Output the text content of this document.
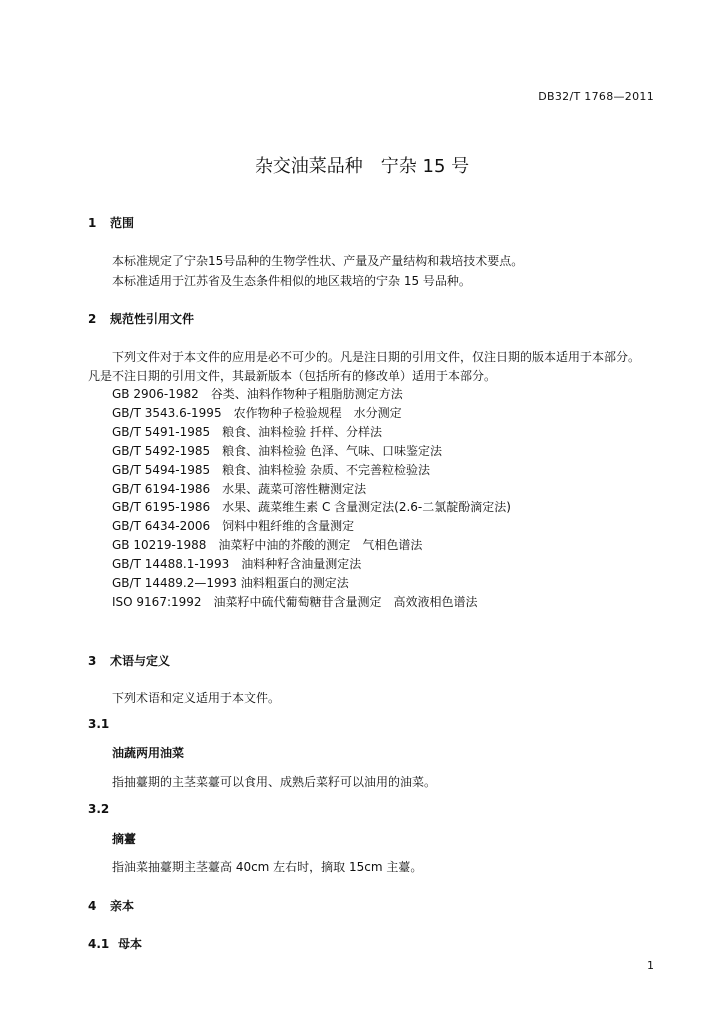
DB32/T 1768—2011
杂交油菜品种　宁杂 15 号
1 范围
本标准规定了宁杂15号品种的生物学性状、产量及产量结构和栽培技术要点。
本标准适用于江苏省及生态条件相似的地区栽培的宁杂 15 号品种。
2 规范性引用文件
下列文件对于本文件的应用是必不可少的。凡是注日期的引用文件，仅注日期的版本适用于本部分。
凡是不注日期的引用文件，其最新版本（包括所有的修改单）适用于本部分。
GB 2906-1982　谷类、油料作物种子粗脂肪测定方法
GB/T 3543.6-1995　农作物种子检验规程　水分测定
GB/T 5491-1985　粮食、油料检验 扦样、分样法
GB/T 5492-1985　粮食、油料检验 色泽、气味、口味鉴定法
GB/T 5494-1985　粮食、油料检验 杂质、不完善粒检验法
GB/T 6194-1986　水果、蔬菜可溶性糖测定法
GB/T 6195-1986　水果、蔬菜维生素 C 含量测定法(2.6-二氯靛酚滴定法)
GB/T 6434-2006　饲料中粗纤维的含量测定
GB 10219-1988　油菜籽中油的芥酸的测定　气相色谱法
GB/T 14488.1-1993　油料种籽含油量测定法
GB/T 14489.2—1993 油料粗蛋白的测定法
ISO 9167:1992　油菜籽中硫代葡萄糖苷含量测定　高效液相色谱法
3 术语与定义
下列术语和定义适用于本文件。
3.1
油蔬两用油菜
指抽薹期的主茎菜薹可以食用、成熟后菜籽可以油用的油菜。
3.2
摘薹
指油菜抽薹期主茎薹高 40cm 左右时，摘取 15cm 主薹。
4 亲本
4.1 母本
1
